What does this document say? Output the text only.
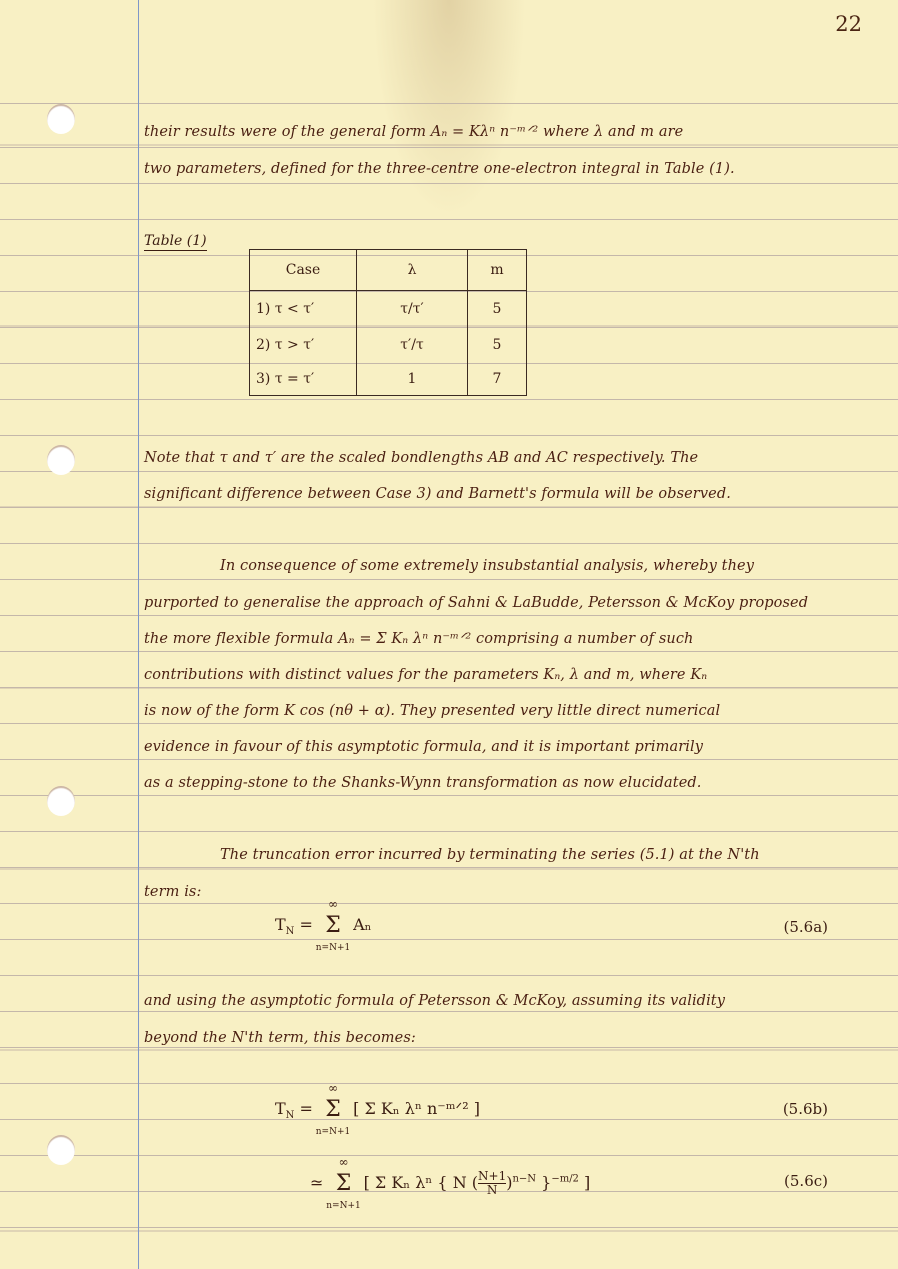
22
their results were of the general form Aₙ = Kλⁿ n⁻ᵐᐟ² where λ and m are
two parameters, defined for the three-centre one-electron integral in Table (1).
Table (1)
Case	λ	m
1) τ < τ′	τ/τ′	5
2) τ > τ′	τ′/τ	5
3) τ = τ′	1	7
Note that τ and τ′ are the scaled bondlengths AB and AC respectively. The
significant difference between Case 3) and Barnett's formula will be observed.
In consequence of some extremely insubstantial analysis, whereby they
purported to generalise the approach of Sahni & LaBudde, Petersson & McKoy proposed
the more flexible formula Aₙ = Σ Kₙ λⁿ n⁻ᵐᐟ² comprising a number of such
contributions with distinct values for the parameters Kₙ, λ and m, where Kₙ
is now of the form K cos (nθ + α). They presented very little direct numerical
evidence in favour of this asymptotic formula, and it is important primarily
as a stepping-stone to the Shanks-Wynn transformation as now elucidated.
The truncation error incurred by terminating the series (5.1) at the N'th
term is:
$T_N$ =
∞
Σ
n=N+1
Aₙ	(5.6a)
and using the asymptotic formula of Petersson & McKoy, assuming its validity
beyond the N'th term, this becomes:
$T_N$ =
∞
Σ
n=N+1
[ Σ Kₙ λⁿ n⁻ᵐᐟ² ]	(5.6b)
≃
∞
Σ
n=N+1
[ Σ Kₙ λⁿ { N ( $\frac{N+1}{N} )^{n-N}$ }$^{-m/2}$ ]	(5.6c)
